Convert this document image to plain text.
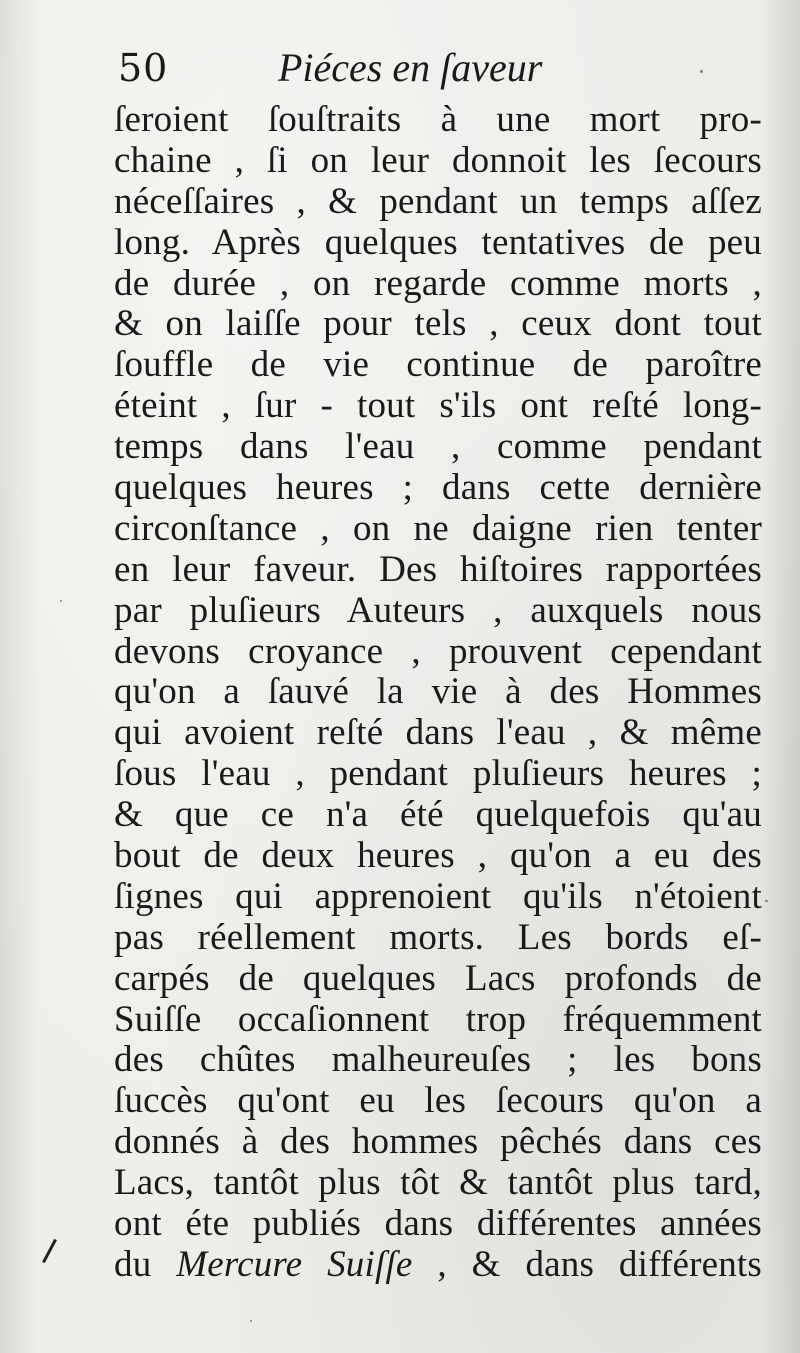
50	Piéces en ſaveur
ſeroient ſouſtraits à une mort pro-
chaine , ſi on leur donnoit les ſecours
néceſſaires , & pendant un temps aſſez
long. Après quelques tentatives de peu
de durée , on regarde comme morts ,
& on laiſſe pour tels , ceux dont tout
ſouffle de vie continue de paroître
éteint , ſur - tout s'ils ont reſté long-
temps dans l'eau , comme pendant
quelques heures ; dans cette dernière
circonſtance , on ne daigne rien tenter
en leur faveur. Des hiſtoires rapportées
par pluſieurs Auteurs , auxquels nous
devons croyance , prouvent cependant
qu'on a ſauvé la vie à des Hommes
qui avoient reſté dans l'eau , & même
ſous l'eau , pendant pluſieurs heures ;
& que ce n'a été quelquefois qu'au
bout de deux heures , qu'on a eu des
ſignes qui apprenoient qu'ils n'étoient
pas réellement morts. Les bords eſ-
carpés de quelques Lacs profonds de
Suiſſe occaſionnent trop fréquemment
des chûtes malheureuſes ; les bons
ſuccès qu'ont eu les ſecours qu'on a
donnés à des hommes pêchés dans ces
Lacs, tantôt plus tôt & tantôt plus tard,
ont éte publiés dans différentes années
du Mercure Suiſſe , & dans différents
